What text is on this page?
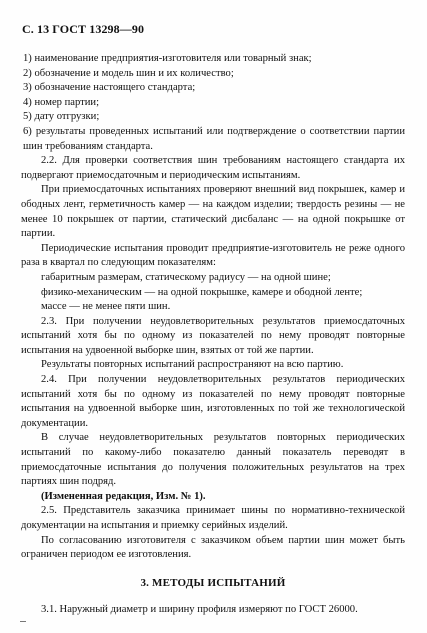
С. 13 ГОСТ 13298—90

1) наименование предприятия-изготовителя или товарный знак;

2) обозначение и модель шин и их количество;

3) обозначение настоящего стандарта;

4) номер партии;

5) дату отгрузки;

6) результаты проведенных испытаний или подтверждение о соответствии партии шин требованиям стандарта.

2.2. Для проверки соответствия шин требованиям настоящего стандарта их подвергают приемосдаточным и периодическим испытаниям.

При приемосдаточных испытаниях проверяют внешний вид покрышек, камер и ободных лент, герметичность камер — на каждом изделии; твердость резины — не менее 10 покрышек от партии, статический дисбаланс — на одной покрышке от партии.

Периодические испытания проводит предприятие-изготовитель не реже одного раза в квартал по следующим показателям:

габаритным размерам, статическому радиусу — на одной шине;

физико-механическим — на одной покрышке, камере и ободной ленте;

массе — не менее пяти шин.

2.3. При получении неудовлетворительных результатов приемосдаточных испытаний хотя бы по одному из показателей по нему проводят повторные испытания на удвоенной выборке шин, взятых от той же партии.

Результаты повторных испытаний распространяют на всю партию.

2.4. При получении неудовлетворительных результатов периодических испытаний хотя бы по одному из показателей по нему проводят повторные испытания на удвоенной выборке шин, изготовленных по той же технологической документации.

В случае неудовлетворительных результатов повторных периодических испытаний по какому-либо показателю данный показатель переводят в приемосдаточные испытания до получения положительных результатов на трех партиях шин подряд.

(Измененная редакция, Изм. № 1).

2.5. Представитель заказчика принимает шины по нормативно-технической документации на испытания и приемку серийных изделий.

По согласованию изготовителя с заказчиком объем партии шин может быть ограничен периодом ее изготовления.

3. МЕТОДЫ ИСПЫТАНИЙ

3.1. Наружный диаметр и ширину профиля измеряют по ГОСТ 26000.
